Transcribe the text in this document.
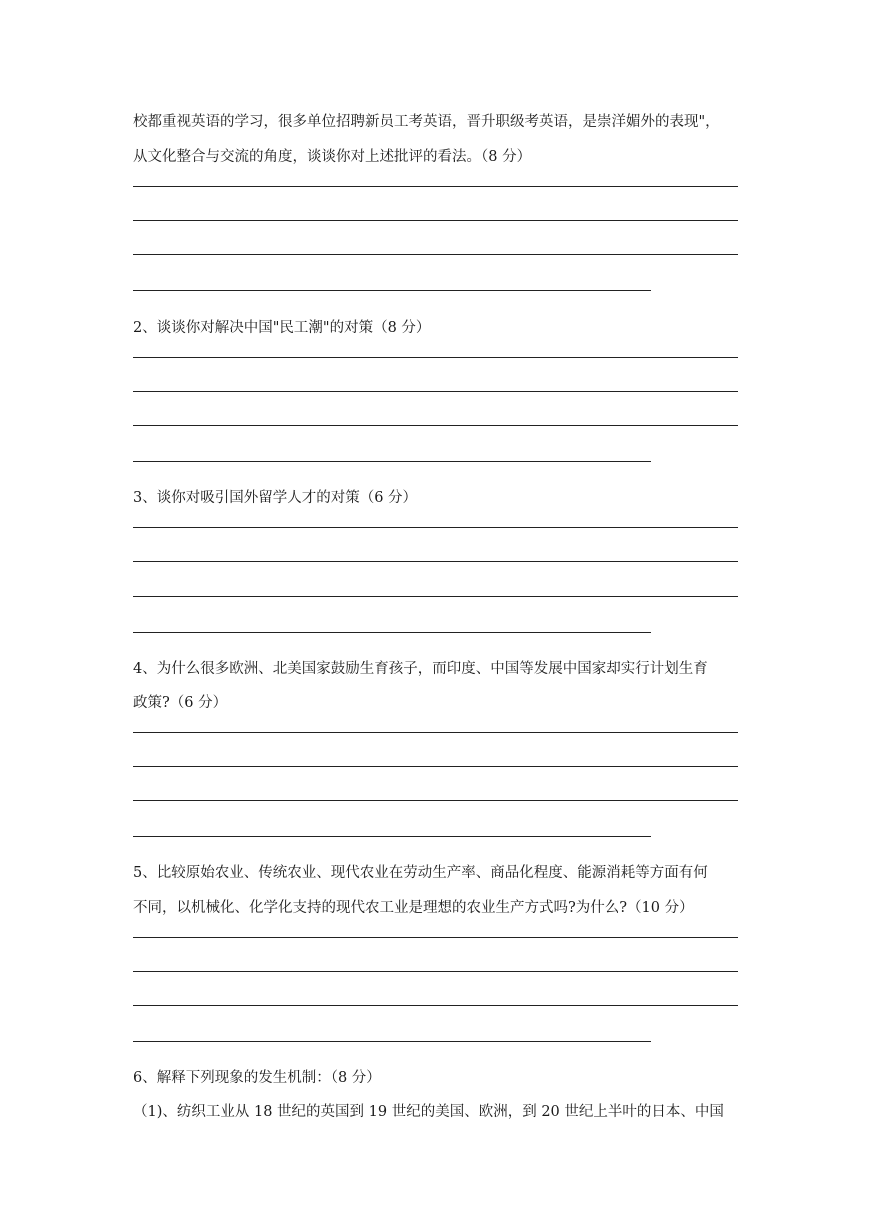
校都重视英语的学习，很多单位招聘新员工考英语，晋升职级考英语，是崇洋媚外的表现"，
从文化整合与交流的角度，谈谈你对上述批评的看法。（8 分）
2、谈谈你对解决中国"民工潮"的对策（8 分）
3、谈你对吸引国外留学人才的对策（6 分）
4、为什么很多欧洲、北美国家鼓励生育孩子，而印度、中国等发展中国家却实行计划生育
政策?（6 分）
5、比较原始农业、传统农业、现代农业在劳动生产率、商品化程度、能源消耗等方面有何
不同，以机械化、化学化支持的现代农工业是理想的农业生产方式吗?为什么?（10 分）
6、解释下列现象的发生机制：（8 分）
（1)、纺织工业从 18 世纪的英国到 19 世纪的美国、欧洲，到 20 世纪上半叶的日本、中国
